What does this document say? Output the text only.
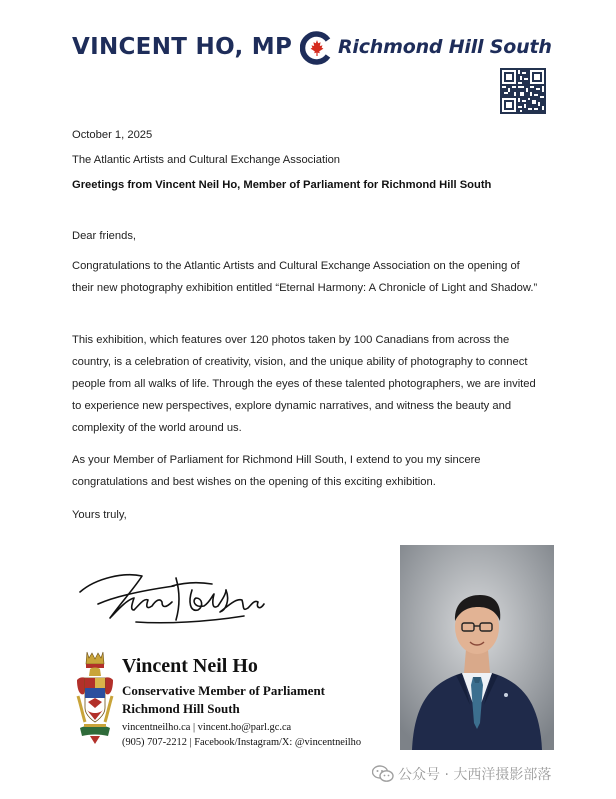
VINCENT HO, MP Richmond Hill South

October 1, 2025

The Atlantic Artists and Cultural Exchange Association

Greetings from Vincent Neil Ho, Member of Parliament for Richmond Hill South

Dear friends,

Congratulations to the Atlantic Artists and Cultural Exchange Association on the opening of their new photography exhibition entitled “Eternal Harmony: A Chronicle of Light and Shadow.”

This exhibition, which features over 120 photos taken by 100 Canadians from across the country, is a celebration of creativity, vision, and the unique ability of photography to connect people from all walks of life. Through the eyes of these talented photographers, we are invited to experience new perspectives, explore dynamic narratives, and witness the beauty and complexity of the world around us.

As your Member of Parliament for Richmond Hill South, I extend to you my sincere congratulations and best wishes on the opening of this exciting exhibition.

Yours truly,

Vincent Neil Ho
Conservative Member of Parliament
Richmond Hill South
vincentneilho.ca | vincent.ho@parl.gc.ca
(905) 707-2212 | Facebook/Instagram/X: @vincentneilho
公众号 · 大西洋摄影部落
